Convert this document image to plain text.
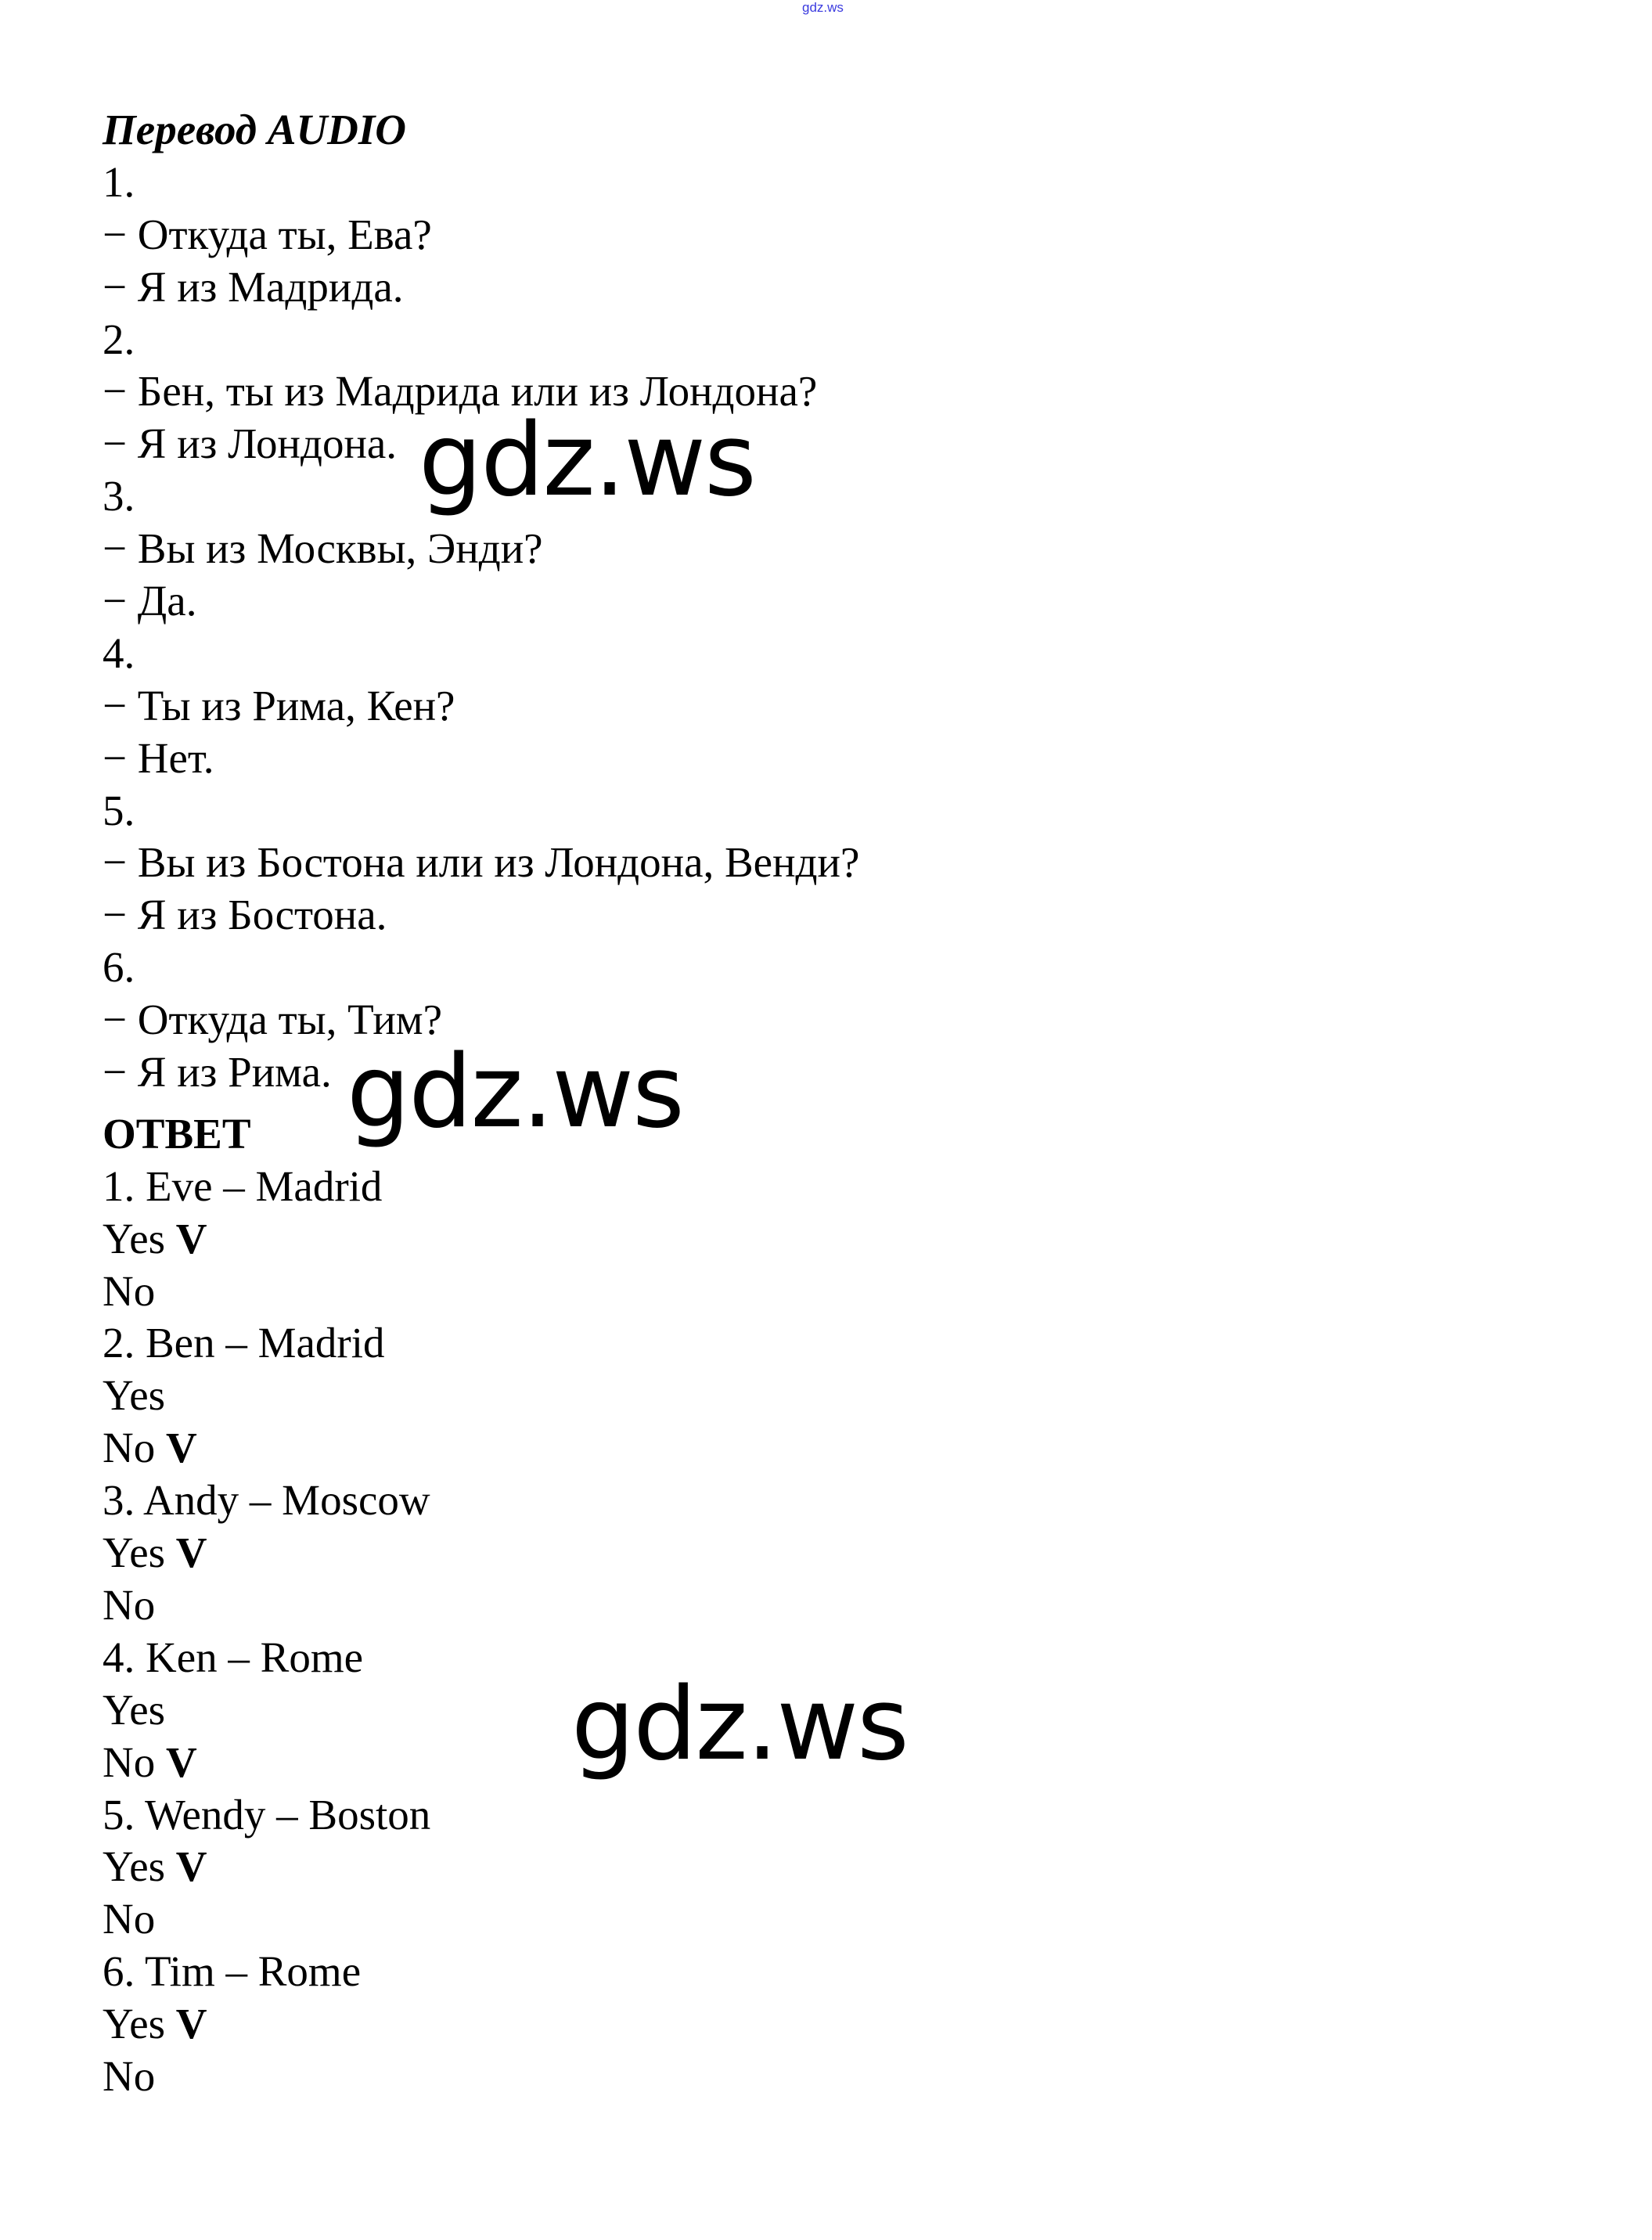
gdz.ws
Перевод AUDIO
1.
− Откуда ты, Ева?
− Я из Мадрида.
2.
− Бен, ты из Мадрида или из Лондона?
− Я из Лондона.
3.
− Вы из Москвы, Энди?
− Да.
4.
− Ты из Рима, Кен?
− Нет.
5.
− Вы из Бостона или из Лондона, Венди?
− Я из Бостона.
6.
− Откуда ты, Тим?
− Я из Рима.
ОТВЕТ
1. Eve – Madrid
Yes V
No
2. Ben – Madrid
Yes
No V
3. Andy – Moscow
Yes V
No
4. Ken – Rome
Yes
No V
5. Wendy – Boston
Yes V
No
6. Tim – Rome
Yes V
No
gdz.ws
gdz.ws
gdz.ws
